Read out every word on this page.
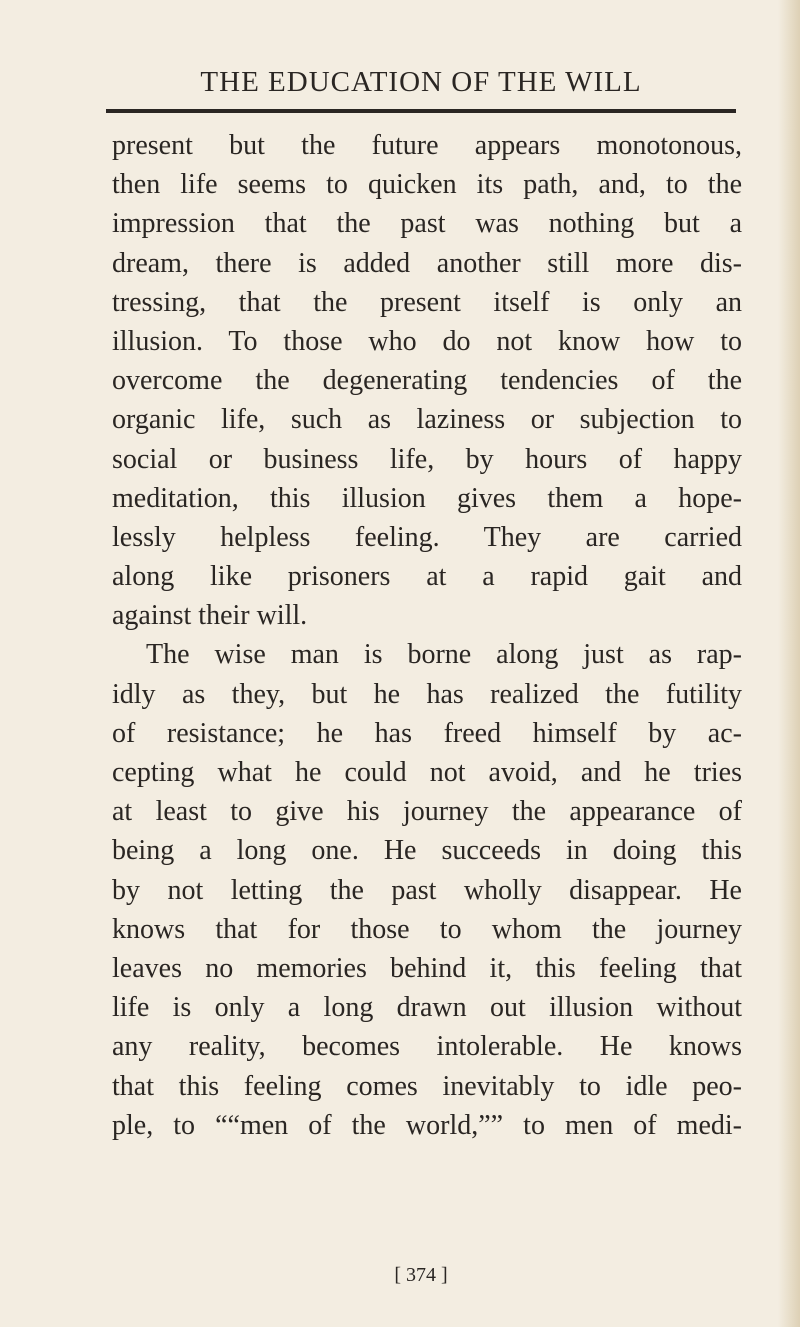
THE EDUCATION OF THE WILL
present but the future appears monotonous,
then life seems to quicken its path, and, to the
impression that the past was nothing but a
dream, there is added another still more dis-
tressing, that the present itself is only an
illusion. To those who do not know how to
overcome the degenerating tendencies of the
organic life, such as laziness or subjection to
social or business life, by hours of happy
meditation, this illusion gives them a hope-
lessly helpless feeling. They are carried
along like prisoners at a rapid gait and
against their will.
The wise man is borne along just as rap-
idly as they, but he has realized the futility
of resistance; he has freed himself by ac-
cepting what he could not avoid, and he tries
at least to give his journey the appearance of
being a long one. He succeeds in doing this
by not letting the past wholly disappear. He
knows that for those to whom the journey
leaves no memories behind it, this feeling that
life is only a long drawn out illusion without
any reality, becomes intolerable. He knows
that this feeling comes inevitably to idle peo-
ple, to ““men of the world,”” to men of medi-
[ 374 ]
